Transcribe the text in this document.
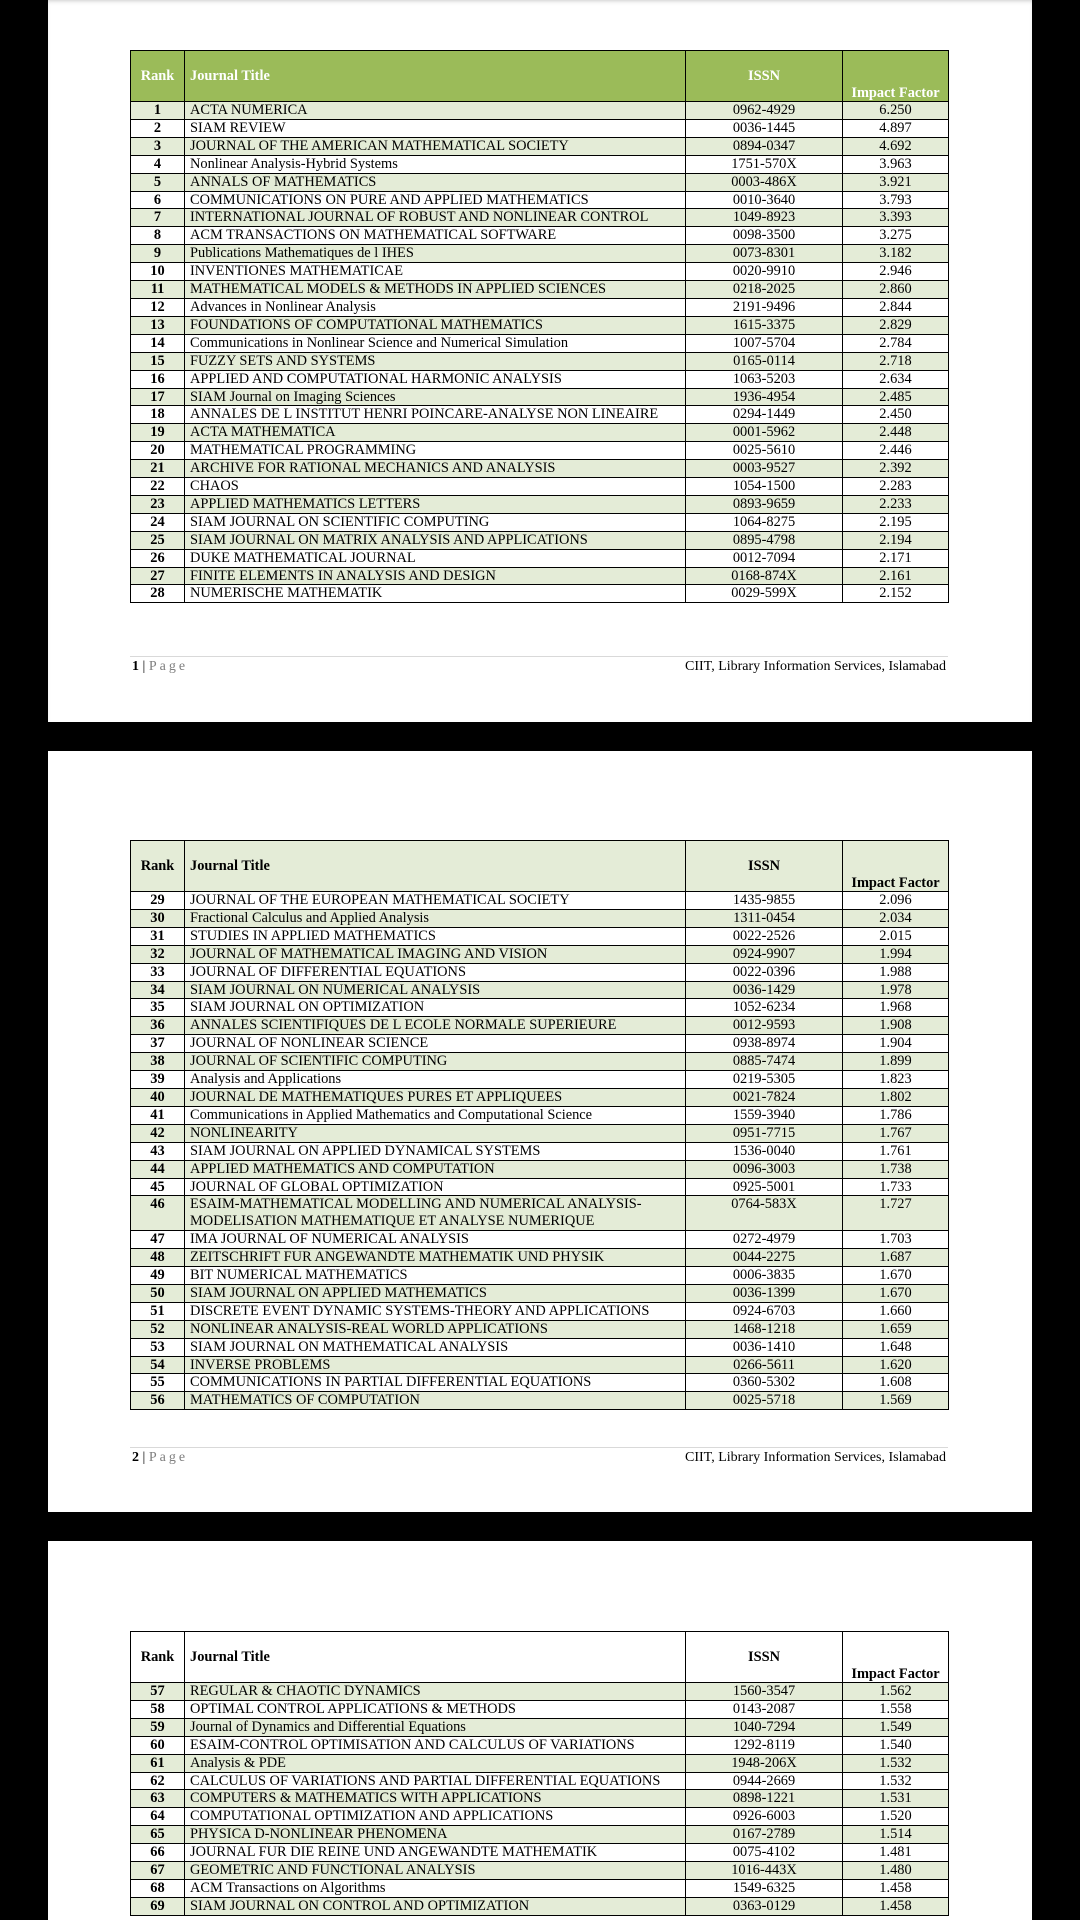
Rank	Journal Title	ISSN	Impact Factor
1	ACTA NUMERICA	0962-4929	6.250
2	SIAM REVIEW	0036-1445	4.897
3	JOURNAL OF THE AMERICAN MATHEMATICAL SOCIETY	0894-0347	4.692
4	Nonlinear Analysis-Hybrid Systems	1751-570X	3.963
5	ANNALS OF MATHEMATICS	0003-486X	3.921
6	COMMUNICATIONS ON PURE AND APPLIED MATHEMATICS	0010-3640	3.793
7	INTERNATIONAL JOURNAL OF ROBUST AND NONLINEAR CONTROL	1049-8923	3.393
8	ACM TRANSACTIONS ON MATHEMATICAL SOFTWARE	0098-3500	3.275
9	Publications Mathematiques de l IHES	0073-8301	3.182
10	INVENTIONES MATHEMATICAE	0020-9910	2.946
11	MATHEMATICAL MODELS & METHODS IN APPLIED SCIENCES	0218-2025	2.860
12	Advances in Nonlinear Analysis	2191-9496	2.844
13	FOUNDATIONS OF COMPUTATIONAL MATHEMATICS	1615-3375	2.829
14	Communications in Nonlinear Science and Numerical Simulation	1007-5704	2.784
15	FUZZY SETS AND SYSTEMS	0165-0114	2.718
16	APPLIED AND COMPUTATIONAL HARMONIC ANALYSIS	1063-5203	2.634
17	SIAM Journal on Imaging Sciences	1936-4954	2.485
18	ANNALES DE L INSTITUT HENRI POINCARE-ANALYSE NON LINEAIRE	0294-1449	2.450
19	ACTA MATHEMATICA	0001-5962	2.448
20	MATHEMATICAL PROGRAMMING	0025-5610	2.446
21	ARCHIVE FOR RATIONAL MECHANICS AND ANALYSIS	0003-9527	2.392
22	CHAOS	1054-1500	2.283
23	APPLIED MATHEMATICS LETTERS	0893-9659	2.233
24	SIAM JOURNAL ON SCIENTIFIC COMPUTING	1064-8275	2.195
25	SIAM JOURNAL ON MATRIX ANALYSIS AND APPLICATIONS	0895-4798	2.194
26	DUKE MATHEMATICAL JOURNAL	0012-7094	2.171
27	FINITE ELEMENTS IN ANALYSIS AND DESIGN	0168-874X	2.161
28	NUMERISCHE MATHEMATIK	0029-599X	2.152
1 | Page	CIIT, Library Information Services, Islamabad
Rank	Journal Title	ISSN	Impact Factor
29	JOURNAL OF THE EUROPEAN MATHEMATICAL SOCIETY	1435-9855	2.096
30	Fractional Calculus and Applied Analysis	1311-0454	2.034
31	STUDIES IN APPLIED MATHEMATICS	0022-2526	2.015
32	JOURNAL OF MATHEMATICAL IMAGING AND VISION	0924-9907	1.994
33	JOURNAL OF DIFFERENTIAL EQUATIONS	0022-0396	1.988
34	SIAM JOURNAL ON NUMERICAL ANALYSIS	0036-1429	1.978
35	SIAM JOURNAL ON OPTIMIZATION	1052-6234	1.968
36	ANNALES SCIENTIFIQUES DE L ECOLE NORMALE SUPERIEURE	0012-9593	1.908
37	JOURNAL OF NONLINEAR SCIENCE	0938-8974	1.904
38	JOURNAL OF SCIENTIFIC COMPUTING	0885-7474	1.899
39	Analysis and Applications	0219-5305	1.823
40	JOURNAL DE MATHEMATIQUES PURES ET APPLIQUEES	0021-7824	1.802
41	Communications in Applied Mathematics and Computational Science	1559-3940	1.786
42	NONLINEARITY	0951-7715	1.767
43	SIAM JOURNAL ON APPLIED DYNAMICAL SYSTEMS	1536-0040	1.761
44	APPLIED MATHEMATICS AND COMPUTATION	0096-3003	1.738
45	JOURNAL OF GLOBAL OPTIMIZATION	0925-5001	1.733
46	ESAIM-MATHEMATICAL MODELLING AND NUMERICAL ANALYSIS-MODELISATION MATHEMATIQUE ET ANALYSE NUMERIQUE	0764-583X	1.727
47	IMA JOURNAL OF NUMERICAL ANALYSIS	0272-4979	1.703
48	ZEITSCHRIFT FUR ANGEWANDTE MATHEMATIK UND PHYSIK	0044-2275	1.687
49	BIT NUMERICAL MATHEMATICS	0006-3835	1.670
50	SIAM JOURNAL ON APPLIED MATHEMATICS	0036-1399	1.670
51	DISCRETE EVENT DYNAMIC SYSTEMS-THEORY AND APPLICATIONS	0924-6703	1.660
52	NONLINEAR ANALYSIS-REAL WORLD APPLICATIONS	1468-1218	1.659
53	SIAM JOURNAL ON MATHEMATICAL ANALYSIS	0036-1410	1.648
54	INVERSE PROBLEMS	0266-5611	1.620
55	COMMUNICATIONS IN PARTIAL DIFFERENTIAL EQUATIONS	0360-5302	1.608
56	MATHEMATICS OF COMPUTATION	0025-5718	1.569
2 | Page	CIIT, Library Information Services, Islamabad
Rank	Journal Title	ISSN	Impact Factor
57	REGULAR & CHAOTIC DYNAMICS	1560-3547	1.562
58	OPTIMAL CONTROL APPLICATIONS & METHODS	0143-2087	1.558
59	Journal of Dynamics and Differential Equations	1040-7294	1.549
60	ESAIM-CONTROL OPTIMISATION AND CALCULUS OF VARIATIONS	1292-8119	1.540
61	Analysis & PDE	1948-206X	1.532
62	CALCULUS OF VARIATIONS AND PARTIAL DIFFERENTIAL EQUATIONS	0944-2669	1.532
63	COMPUTERS & MATHEMATICS WITH APPLICATIONS	0898-1221	1.531
64	COMPUTATIONAL OPTIMIZATION AND APPLICATIONS	0926-6003	1.520
65	PHYSICA D-NONLINEAR PHENOMENA	0167-2789	1.514
66	JOURNAL FUR DIE REINE UND ANGEWANDTE MATHEMATIK	0075-4102	1.481
67	GEOMETRIC AND FUNCTIONAL ANALYSIS	1016-443X	1.480
68	ACM Transactions on Algorithms	1549-6325	1.458
69	SIAM JOURNAL ON CONTROL AND OPTIMIZATION	0363-0129	1.458
